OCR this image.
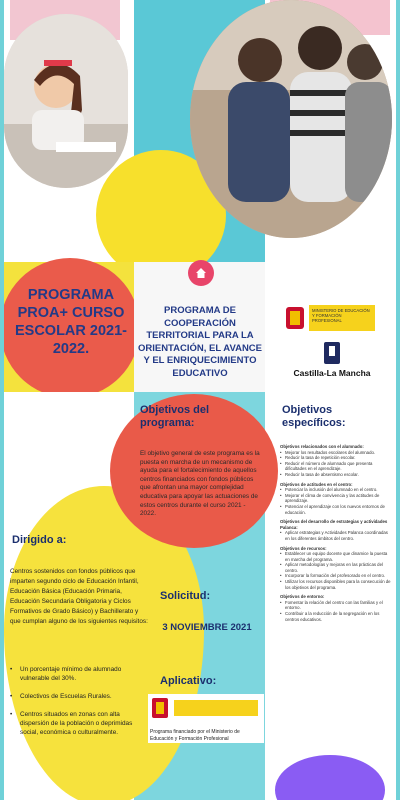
PROGRAMA PROA+ CURSO ESCOLAR 2021-2022.
PROGRAMA DE COOPERACIÓN TERRITORIAL PARA LA ORIENTACIÓN, EL AVANCE Y EL ENRIQUECIMIENTO EDUCATIVO
MINISTERIO DE EDUCACIÓN Y FORMACIÓN PROFESIONAL
Castilla-La Mancha
Objetivos del programa:
El objetivo general de este programa es la puesta en marcha de un mecanismo de ayuda para el fortalecimiento de aquellos centros financiados con fondos públicos que afrontan una mayor complejidad educativa para apoyar las actuaciones de estos centros durante el curso 2021 - 2022.
Objetivos específicos:
Objetivos relacionados con el alumnado:
• Mejorar los resultados escolares del alumnado.
• Reducir la tasa de repetición escolar.
• Reducir el número de alumnado que presenta dificultades en el aprendizaje.
• Reducir la tasa de absentismo escolar.
Objetivos de actitudes en el centro:
• Potenciar la inclusión del alumnado en el centro.
• Mejorar el clima de convivencia y las actitudes de aprendizaje.
• Potenciar el aprendizaje con los nuevos entornos de educación.
Objetivos del desarrollo de estrategias y actividades Palanca:
• Aplicar estrategias y Actividades Palanca coordinadas en los diferentes ámbitos del centro.
Objetivos de recursos:
• Establecer un equipo docente que dinamice la puesta en marcha del programa.
• Aplicar metodologías y mejoras en las prácticas del centro.
• Incorporar la formación del profesorado en el centro.
• Utilizar los recursos disponibles para la consecución de los objetivos del programa.
Objetivos de entorno:
• Fomentar la relación del centro con las familias y el entorno.
• Contribuir a la reducción de la segregación en los centros educativos.
Dirigido a:
Centros sostenidos con fondos públicos que imparten segundo ciclo de Educación Infantil, Educación Básica (Educación Primaria, Educación Secundaria Obligatoria y Ciclos Formativos de Grado Básico) y Bachillerato y que cumplan alguno de los siguientes requisitos:
• Un porcentaje mínimo de alumnado vulnerable del 30%.
• Colectivos de Escuelas Rurales.
• Centros situados en zonas con alta dispersión de la población o deprimidas social, económica o culturalmente.
Solicitud:
3 NOVIEMBRE 2021
Aplicativo:
Programa financiado por el Ministerio de Educación y Formación Profesional
